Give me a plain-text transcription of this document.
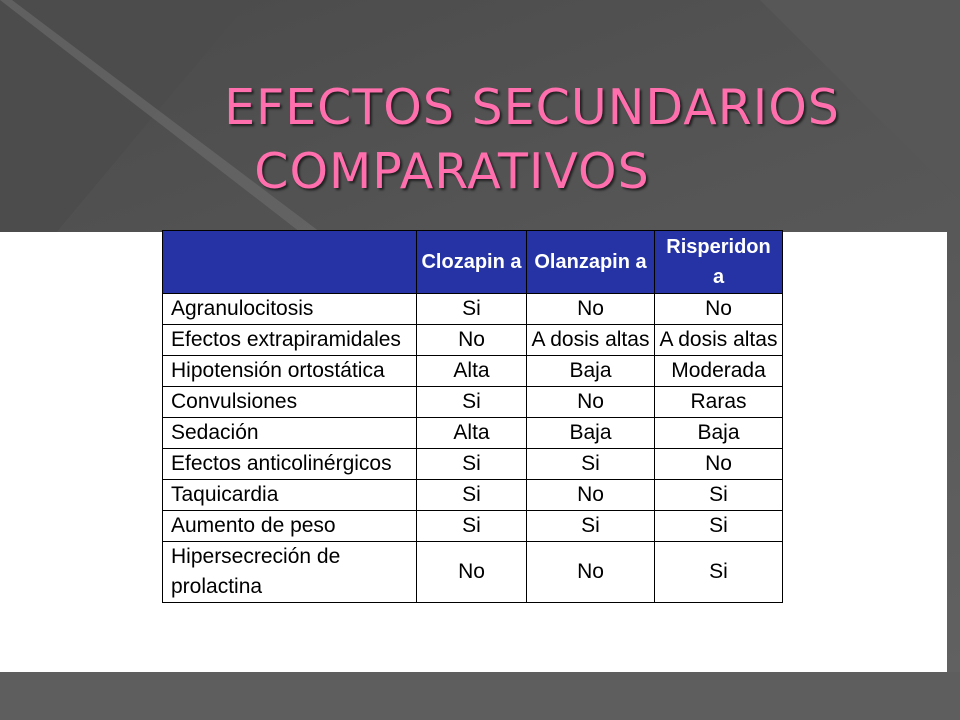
EFECTOS SECUNDARIOS
COMPARATIVOS
	Clozapin a	Olanzapin a	Risperidon a
Agranulocitosis	Si	No	No
Efectos extrapiramidales	No	A dosis altas	A dosis altas
Hipotensión ortostática	Alta	Baja	Moderada
Convulsiones	Si	No	Raras
Sedación	Alta	Baja	Baja
Efectos anticolinérgicos	Si	Si	No
Taquicardia	Si	No	Si
Aumento de peso	Si	Si	Si
Hipersecreción de prolactina	No	No	Si
